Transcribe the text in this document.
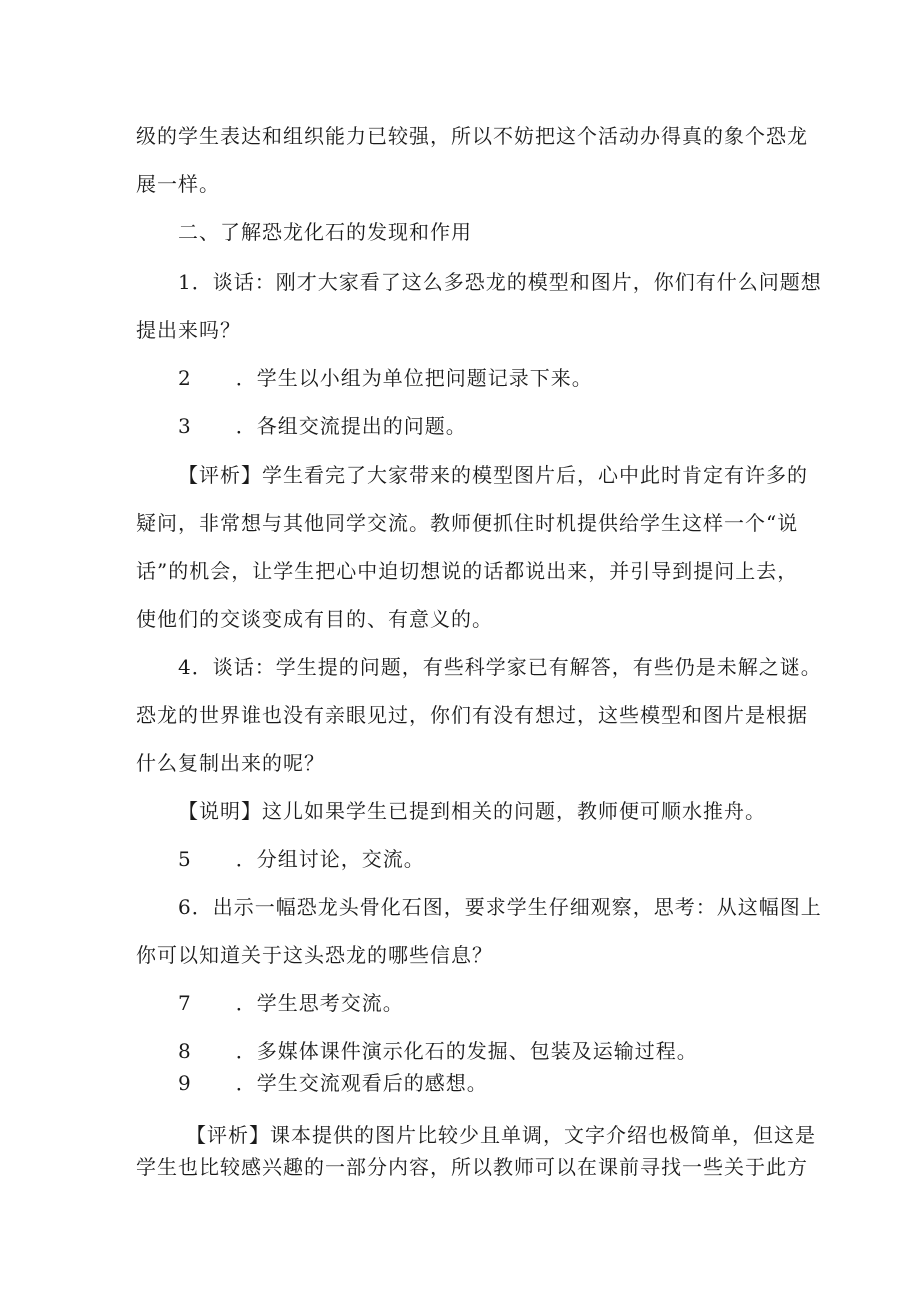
级的学生表达和组织能力已较强，所以不妨把这个活动办得真的象个恐龙
展一样。
二、了解恐龙化石的发现和作用
1．谈话：刚才大家看了这么多恐龙的模型和图片，你们有什么问题想
提出来吗？
2 ．学生以小组为单位把问题记录下来。
3 ．各组交流提出的问题。
【评析】学生看完了大家带来的模型图片后，心中此时肯定有许多的
疑问，非常想与其他同学交流。教师便抓住时机提供给学生这样一个“说
话”的机会，让学生把心中迫切想说的话都说出来，并引导到提问上去，
使他们的交谈变成有目的、有意义的。
4．谈话：学生提的问题，有些科学家已有解答，有些仍是未解之谜。
恐龙的世界谁也没有亲眼见过，你们有没有想过，这些模型和图片是根据
什么复制出来的呢？
【说明】这儿如果学生已提到相关的问题，教师便可顺水推舟。
5 ．分组讨论，交流。
6．出示一幅恐龙头骨化石图，要求学生仔细观察，思考：从这幅图上
你可以知道关于这头恐龙的哪些信息？
7 ．学生思考交流。
8 ．多媒体课件演示化石的发掘、包装及运输过程。
9 ．学生交流观看后的感想。
【评析】课本提供的图片比较少且单调，文字介绍也极简单，但这是
学生也比较感兴趣的一部分内容，所以教师可以在课前寻找一些关于此方
